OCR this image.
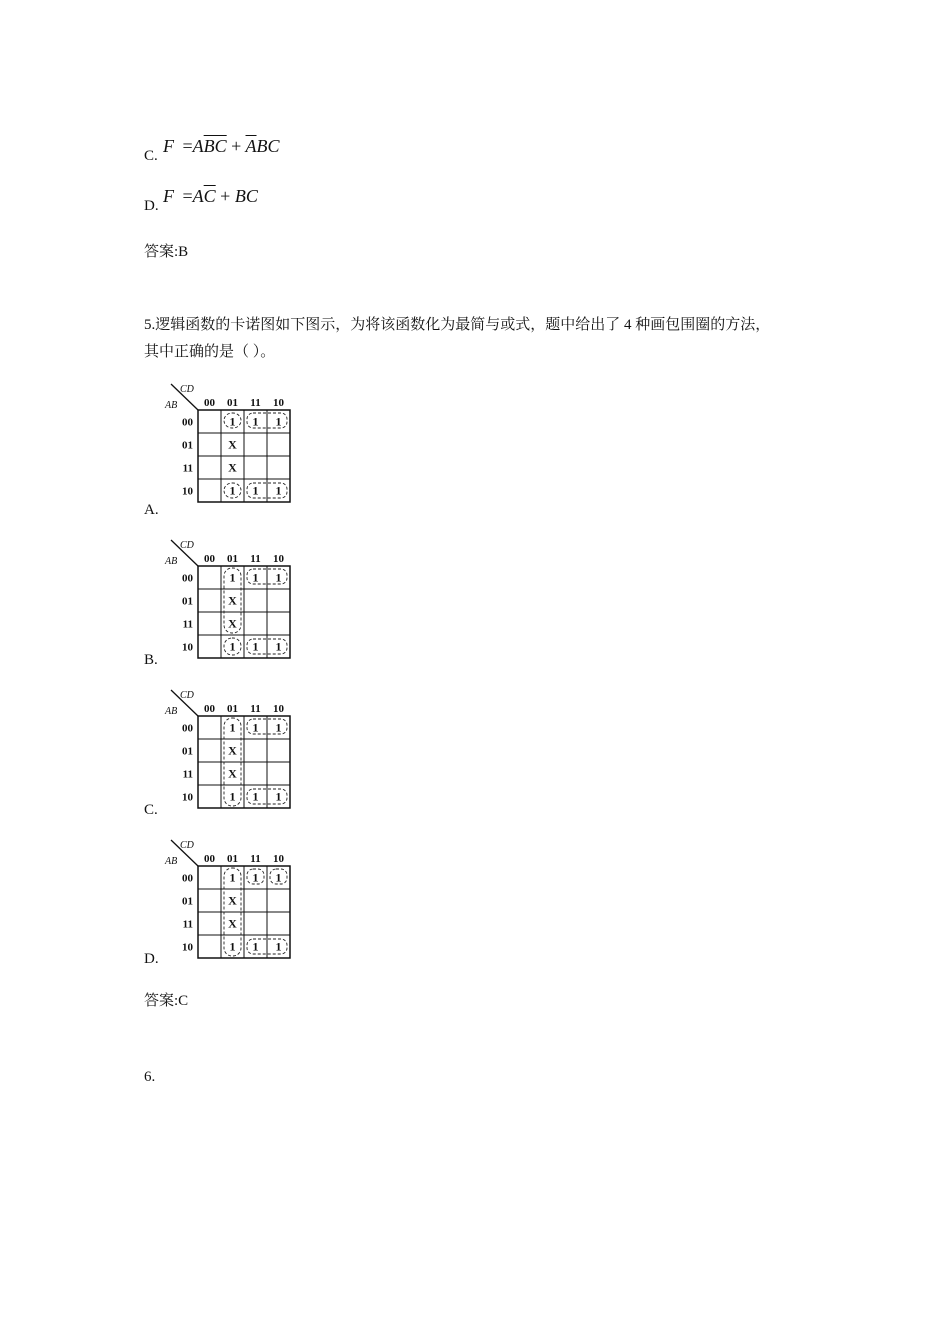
C. $F =A\overline{BC} + \overline{A}BC$
D. $F =A\overline{C}$ + BC
答案:B
5.逻辑函数的卡诺图如下图示，为将该函数化为最简与或式，题中给出了 4 种画包围圈的方法，
其中正确的是（ ）。
CD
AB 00 01 11 10
00
01
11
10
1 1 1
X
X
1 1 1
A.
CD
AB 00 01 11 10
00
01
11
10
1 1 1
X
X
1 1 1
B.
CD
AB 00 01 11 10
00
01
11
10
1 1 1
X
X
1 1 1
C.
CD
AB 00 01 11 10
00
01
11
10
1 1 1
X
X
1 1 1
D.
答案:C
6.
